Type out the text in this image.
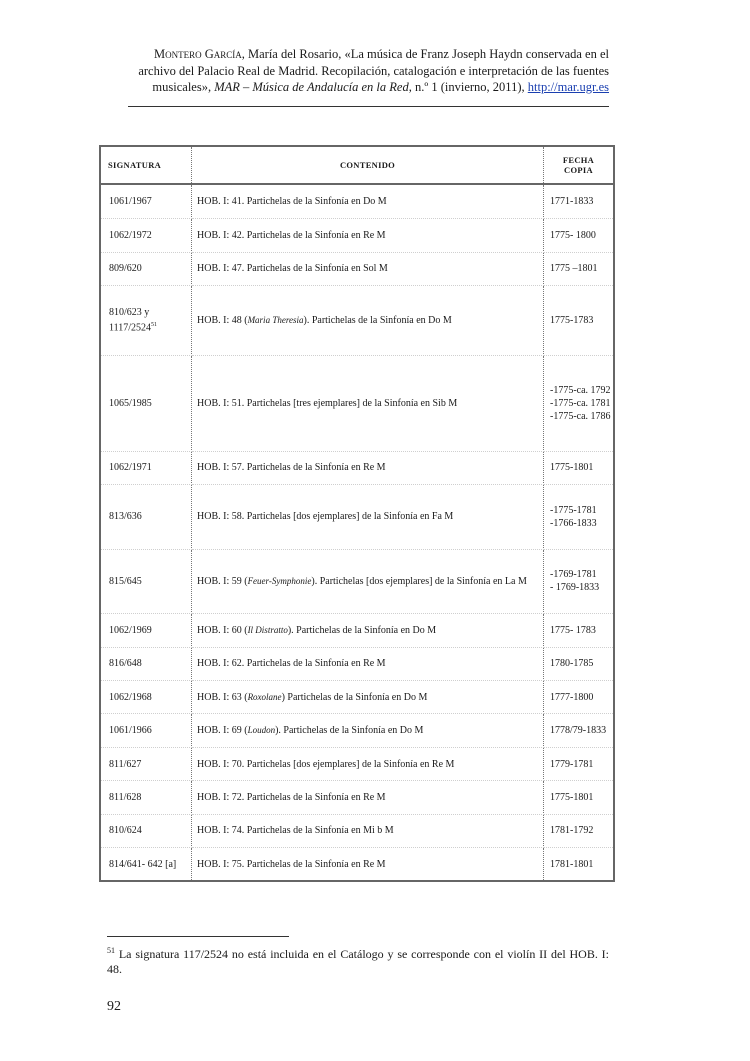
Montero García, María del Rosario, «La música de Franz Joseph Haydn conservada en el archivo del Palacio Real de Madrid. Recopilación, catalogación e interpretación de las fuentes musicales», MAR – Música de Andalucía en la Red, n.º 1 (invierno, 2011), http://mar.ugr.es
SIGNATURA	CONTENIDO	FECHA COPIA
1061/1967	HOB. I: 41. Partichelas de la Sinfonía en Do M	1771-1833

1062/1972	HOB. I: 42. Partichelas de la Sinfonía en Re M	1775- 1800

809/620	HOB. I: 47. Partichelas de la Sinfonía en Sol M	1775 –1801

810/623 y 1117/2524$^{51}$	HOB. I: 48 (Maria Theresia). Partichelas de la Sinfonía en Do M	1775-1783

1065/1985	HOB. I: 51. Partichelas [tres ejemplares] de la Sinfonía en Sib M	-1775-ca. 1792
-1775-ca. 1781
-1775-ca. 1786

1062/1971	HOB. I: 57. Partichelas de la Sinfonía en Re M	1775-1801

813/636	HOB. I: 58. Partichelas [dos ejemplares] de la Sinfonía en Fa M	-1775-1781
-1766-1833

815/645	HOB. I: 59 (Feuer-Symphonie). Partichelas [dos ejemplares] de la Sinfonía en La M	-1769-1781
- 1769-1833

1062/1969	HOB. I: 60 (Il Distratto). Partichelas de la Sinfonía en Do M	1775- 1783

816/648	HOB. I: 62. Partichelas de la Sinfonía en Re M	1780-1785

1062/1968	HOB. I: 63 (Roxolane) Partichelas de la Sinfonía en Do M	1777-1800

1061/1966	HOB. I: 69 (Loudon). Partichelas de la Sinfonía en Do M	1778/79-1833

811/627	HOB. I: 70. Partichelas [dos ejemplares] de la Sinfonía en Re M	1779-1781

811/628	HOB. I: 72. Partichelas de la Sinfonía en Re M	1775-1801

810/624	HOB. I: 74. Partichelas de la Sinfonía en Mi b M	1781-1792

814/641- 642 [a]	HOB. I: 75. Partichelas de la Sinfonía en Re M	1781-1801
$^{51}$ La signatura 117/2524 no está incluida en el Catálogo y se corresponde con el violín II del HOB. I: 48.
92
